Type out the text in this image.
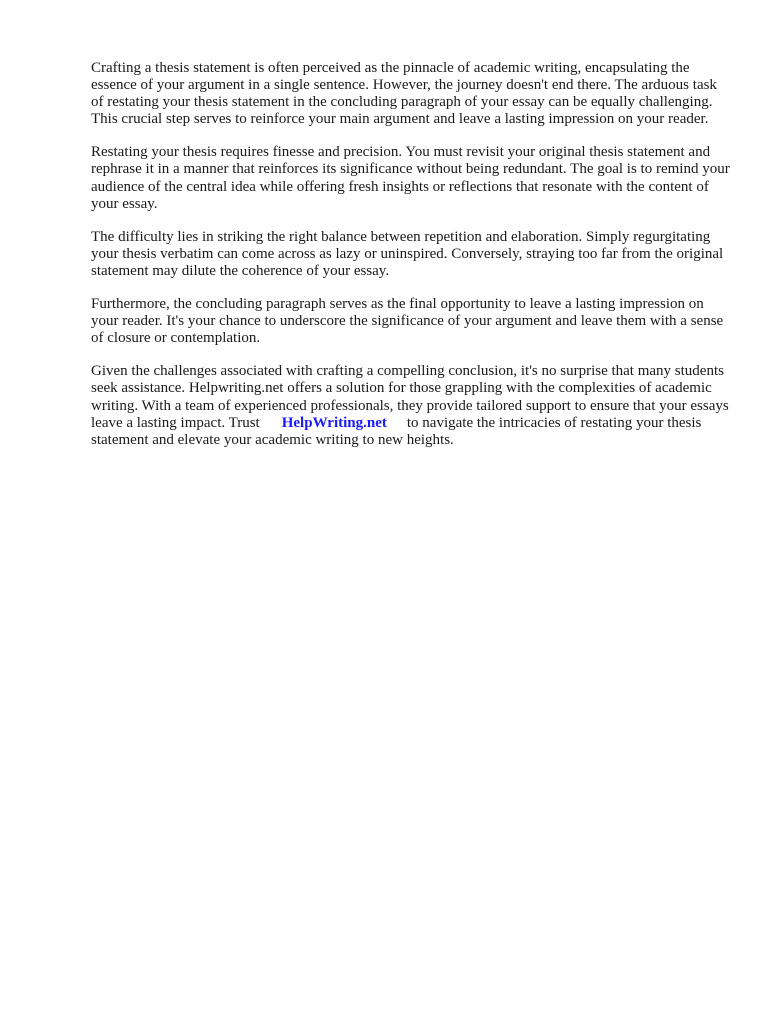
Crafting a thesis statement is often perceived as the pinnacle of academic writing, encapsulating the essence of your argument in a single sentence. However, the journey doesn't end there. The arduous task of restating your thesis statement in the concluding paragraph of your essay can be equally challenging. This crucial step serves to reinforce your main argument and leave a lasting impression on your reader.

Restating your thesis requires finesse and precision. You must revisit your original thesis statement and rephrase it in a manner that reinforces its significance without being redundant. The goal is to remind your audience of the central idea while offering fresh insights or reflections that resonate with the content of your essay.

The difficulty lies in striking the right balance between repetition and elaboration. Simply regurgitating your thesis verbatim can come across as lazy or uninspired. Conversely, straying too far from the original statement may dilute the coherence of your essay.

Furthermore, the concluding paragraph serves as the final opportunity to leave a lasting impression on your reader. It's your chance to underscore the significance of your argument and leave them with a sense of closure or contemplation.

Given the challenges associated with crafting a compelling conclusion, it's no surprise that many students seek assistance. Helpwriting.net offers a solution for those grappling with the complexities of academic writing. With a team of experienced professionals, they provide tailored support to ensure that your essays leave a lasting impact. Trust HelpWriting.net to navigate the intricacies of restating your thesis statement and elevate your academic writing to new heights.
